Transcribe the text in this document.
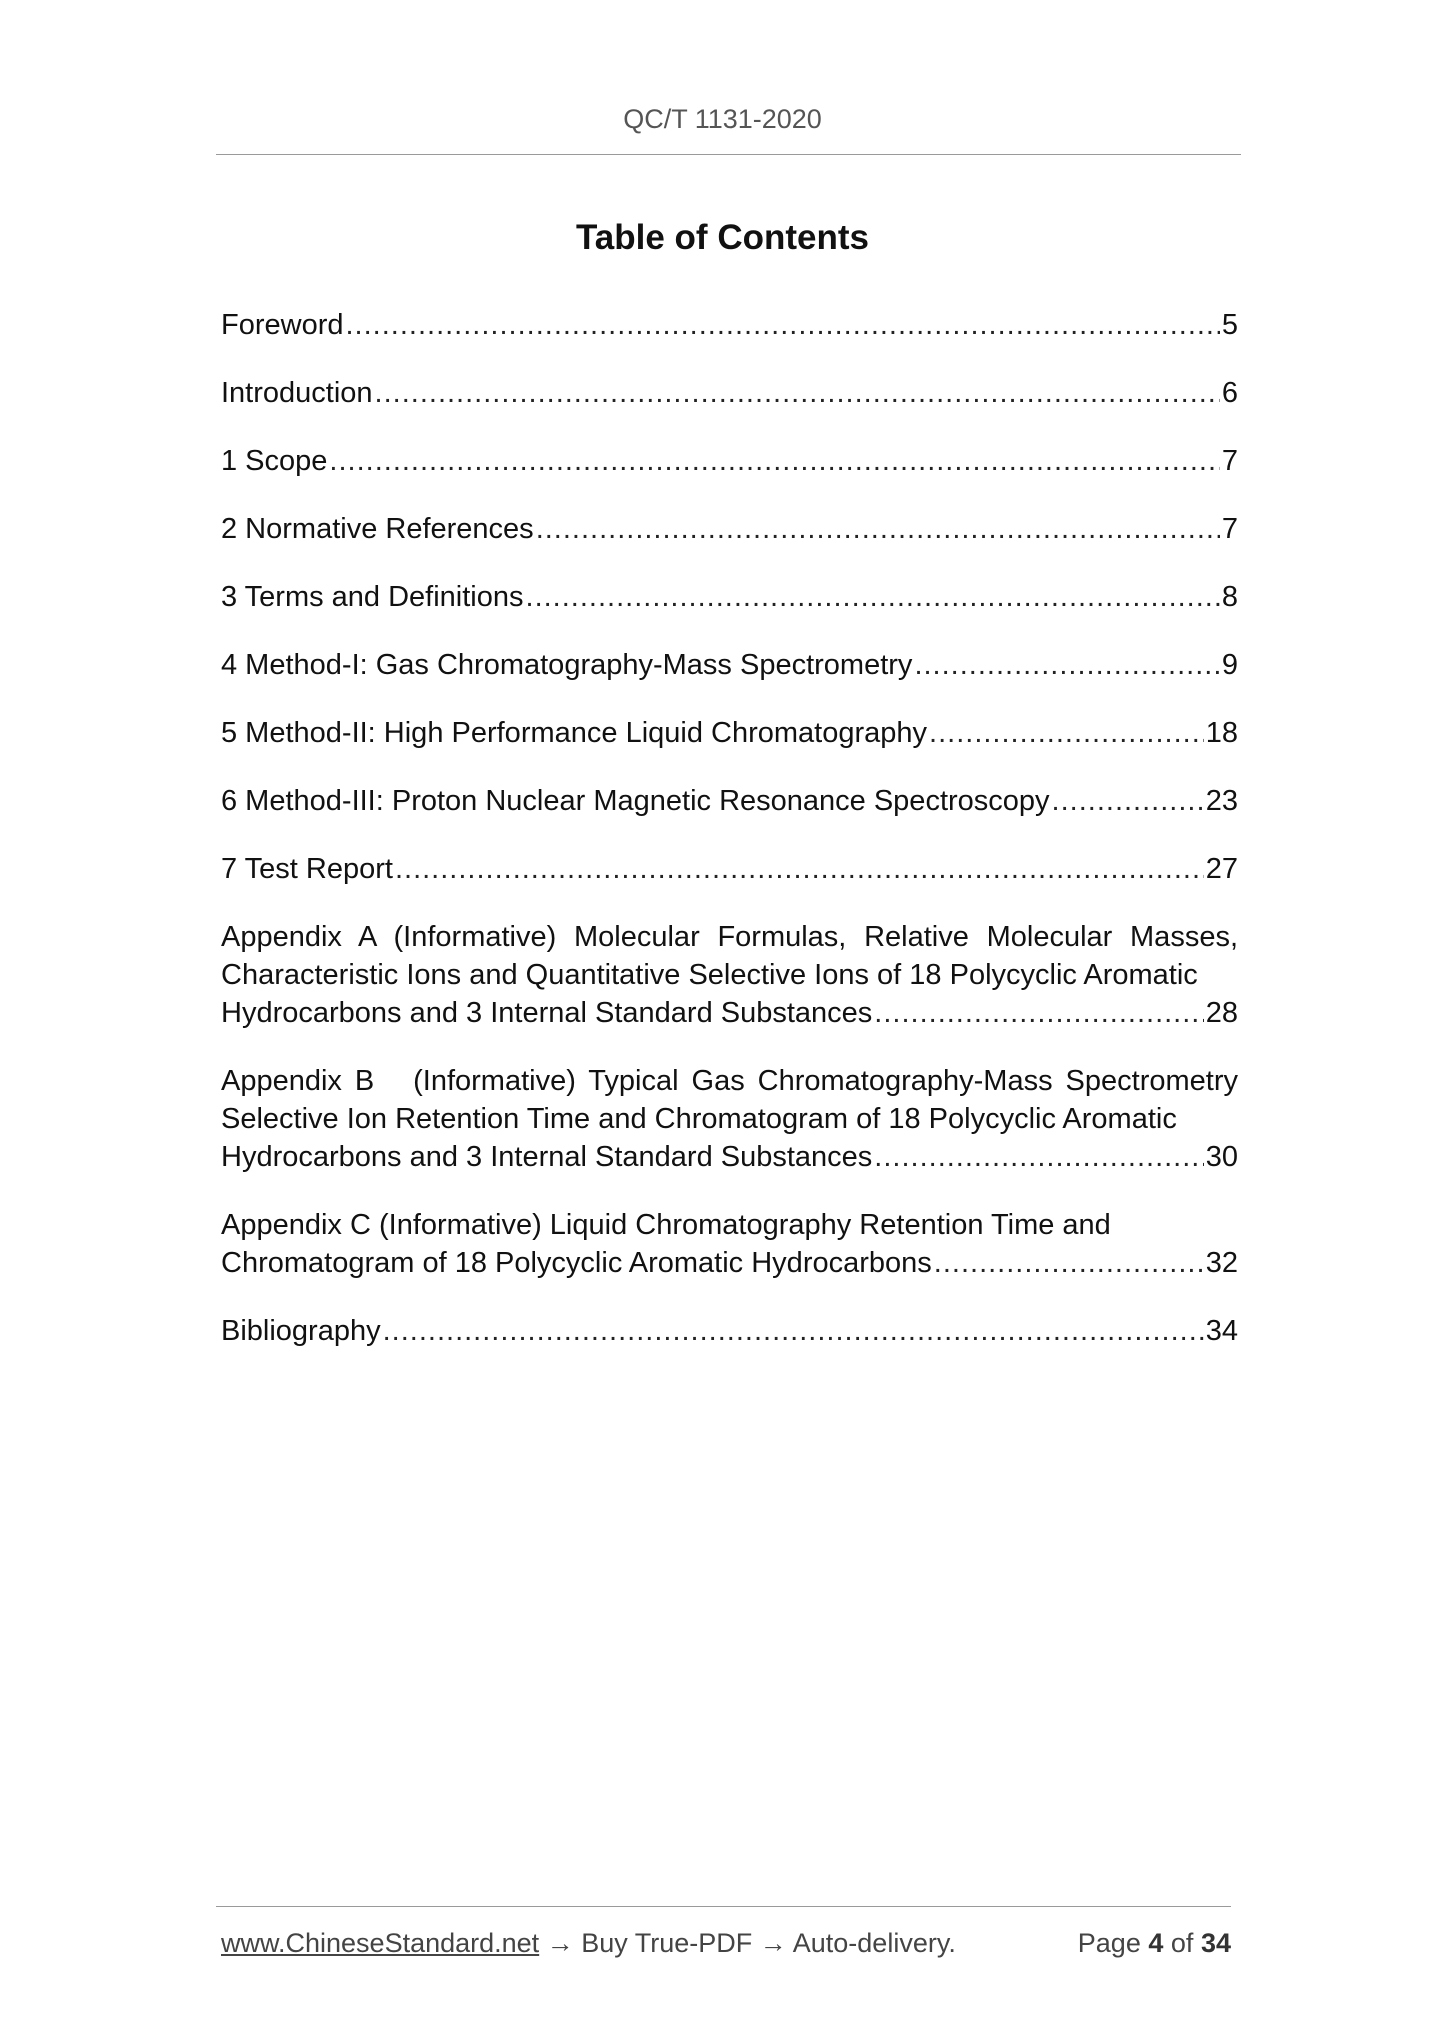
QC/T 1131-2020
Table of Contents
Foreword .....	5
Introduction .....	6
1 Scope .....	7
2 Normative References .....	7
3 Terms and Definitions .....	8
4 Method-I: Gas Chromatography-Mass Spectrometry .....	9
5 Method-II: High Performance Liquid Chromatography .....	18
6 Method-III: Proton Nuclear Magnetic Resonance Spectroscopy .....	23
7 Test Report .....	27
Appendix A (Informative) Molecular Formulas, Relative Molecular Masses, Characteristic Ions and Quantitative Selective Ions of 18 Polycyclic Aromatic
Hydrocarbons and 3 Internal Standard Substances .....	28
Appendix B   (Informative) Typical Gas Chromatography-Mass Spectrometry Selective Ion Retention Time and Chromatogram of 18 Polycyclic Aromatic
Hydrocarbons and 3 Internal Standard Substances .....	30
Appendix C (Informative) Liquid Chromatography Retention Time and
Chromatogram of 18 Polycyclic Aromatic Hydrocarbons .....	32
Bibliography .....	34
www.ChineseStandard.net → Buy True-PDF → Auto-delivery.	Page 4 of 34
